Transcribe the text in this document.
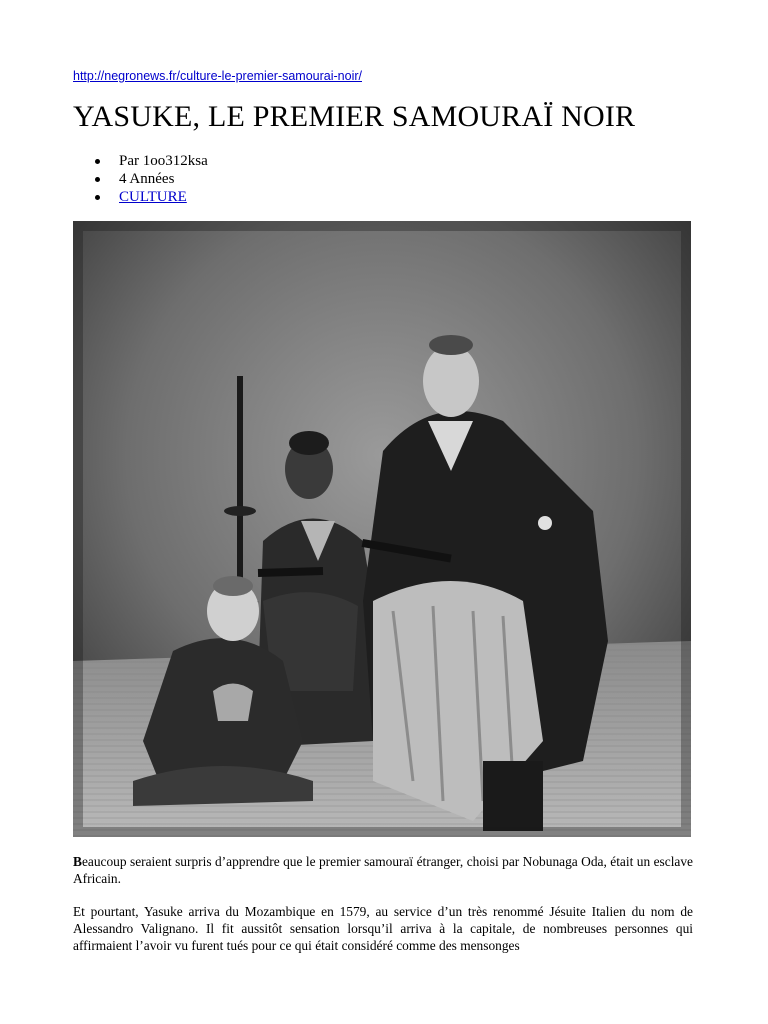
http://negronews.fr/culture-le-premier-samourai-noir/
YASUKE, LE PREMIER SAMOURAÏ NOIR
Par 1oo312ksa
4 Années
CULTURE

Beaucoup seraient surpris d’apprendre que le premier samouraï étranger, choisi par Nobunaga Oda, était un esclave Africain.

Et pourtant, Yasuke arriva du Mozambique en 1579, au service d’un très renommé Jésuite Italien du nom de Alessandro Valignano. Il fit aussitôt sensation lorsqu’il arriva à la capitale, de nombreuses personnes qui affirmaient l’avoir vu furent tués pour ce qui était considéré comme des mensonges
